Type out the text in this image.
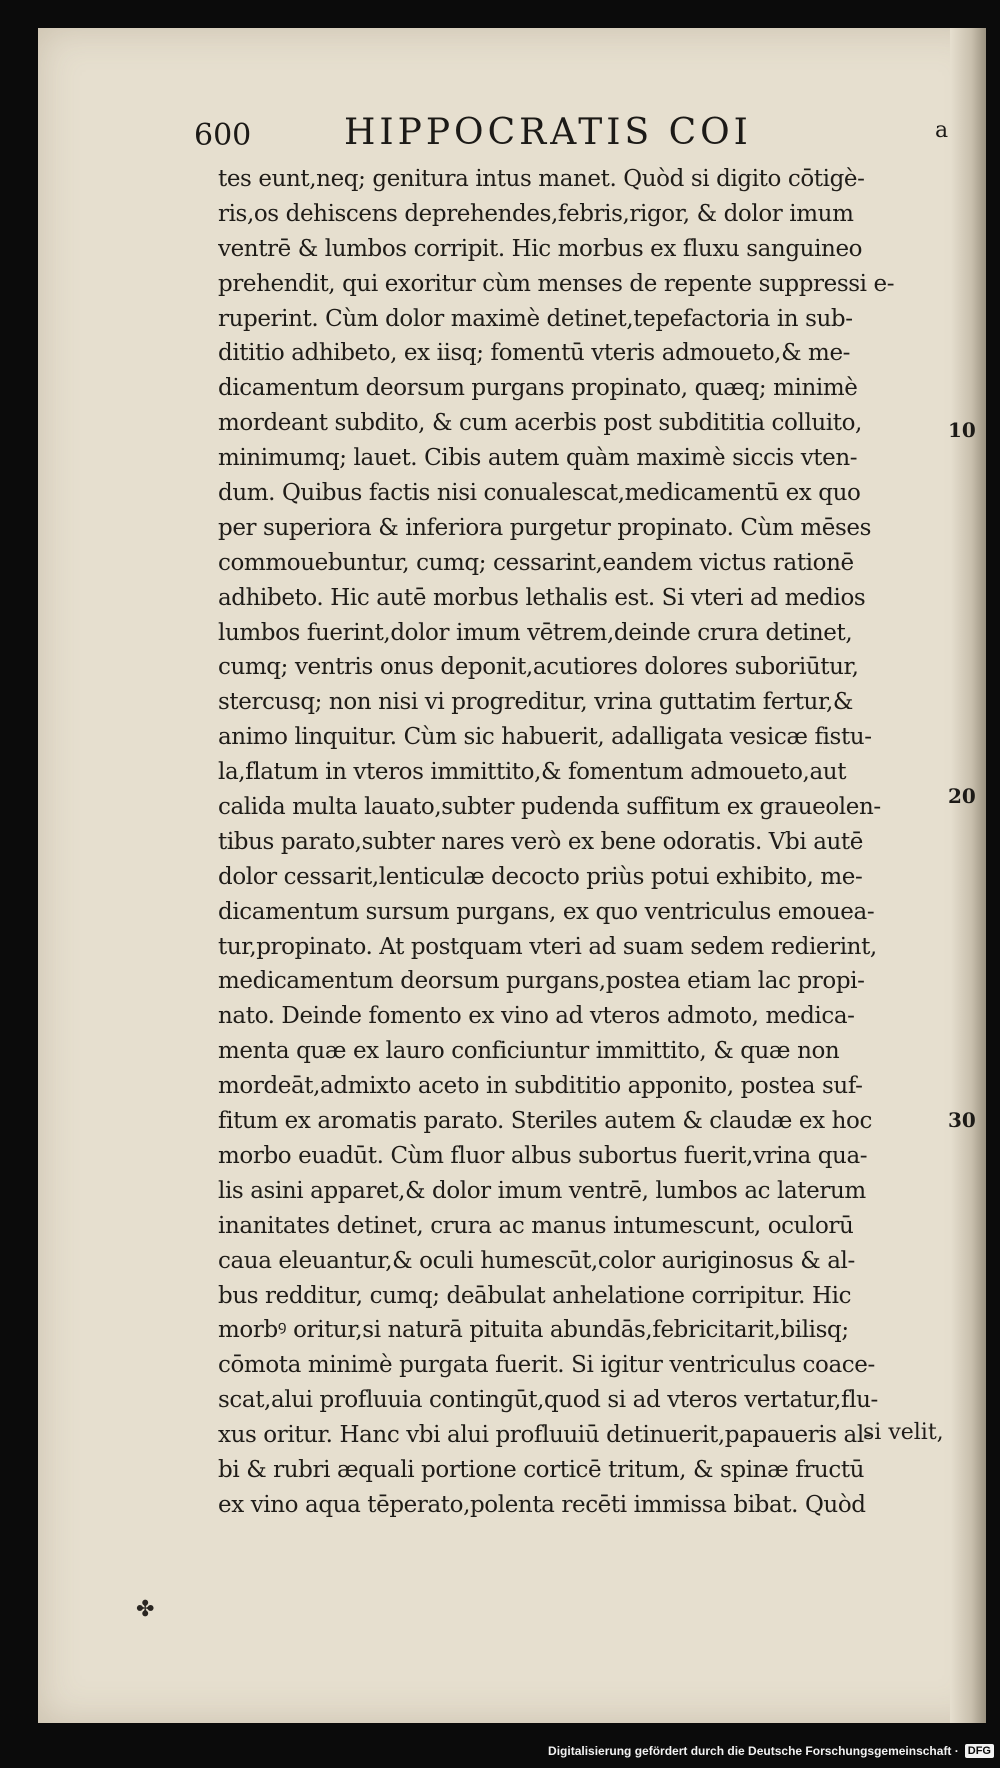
600	HIPPOCRATIS COI	a
tes eunt,neq; genitura intus manet. Quòd si digito cōtigè-
ris,os dehiscens deprehendes,febris,rigor, & dolor imum
ventrē & lumbos corripit. Hic morbus ex fluxu sanguineo
prehendit, qui exoritur cùm menses de repente suppressi e-
ruperint. Cùm dolor maximè detinet,tepefactoria in sub-
dititio adhibeto, ex iisq; fomentū vteris admoueto,& me-
dicamentum deorsum purgans propinato, quæq; minimè
mordeant subdito, & cum acerbis post subdititia colluito,
minimumq; lauet. Cibis autem quàm maximè siccis vten-
dum. Quibus factis nisi conualescat,medicamentū ex quo
per superiora & inferiora purgetur propinato. Cùm mēses
commouebuntur, cumq; cessarint,eandem victus rationē
adhibeto. Hic autē morbus lethalis est. Si vteri ad medios
lumbos fuerint,dolor imum vētrem,deinde crura detinet,
cumq; ventris onus deponit,acutiores dolores suboriūtur,
stercusq; non nisi vi progreditur, vrina guttatim fertur,&
animo linquitur. Cùm sic habuerit, adalligata vesicæ fistu-
la,flatum in vteros immittito,& fomentum admoueto,aut
calida multa lauato,subter pudenda suffitum ex graueolen-
tibus parato,subter nares verò ex bene odoratis. Vbi autē
dolor cessarit,lenticulæ decocto priùs potui exhibito, me-
dicamentum sursum purgans, ex quo ventriculus emouea-
tur,propinato. At postquam vteri ad suam sedem redierint,
medicamentum deorsum purgans,postea etiam lac propi-
nato. Deinde fomento ex vino ad vteros admoto, medica-
menta quæ ex lauro conficiuntur immittito, & quæ non
mordeāt,admixto aceto in subdititio apponito, postea suf-
fitum ex aromatis parato. Steriles autem & claudæ ex hoc
morbo euadūt. Cùm fluor albus subortus fuerit,vrina qua-
lis asini apparet,& dolor imum ventrē, lumbos ac laterum
inanitates detinet, crura ac manus intumescunt, oculorū
caua eleuantur,& oculi humescūt,color auriginosus & al-
bus redditur, cumq; deābulat anhelatione corripitur. Hic
morbꝰ oritur,si naturā pituita abundās,febricitarit,bilisq;
cōmota minimè purgata fuerit. Si igitur ventriculus coace-
scat,alui profluuia contingūt,quod si ad vteros vertatur,flu-
xus oritur. Hanc vbi alui profluuiū detinuerit,papaueris al-
bi & rubri æquali portione corticē tritum, & spinæ fructū
ex vino aqua tēperato,polenta recēti immissa bibat. Quòd
10
20
30
si velit,
✤
Digitalisierung gefördert durch die Deutsche Forschungsgemeinschaft · DFG
